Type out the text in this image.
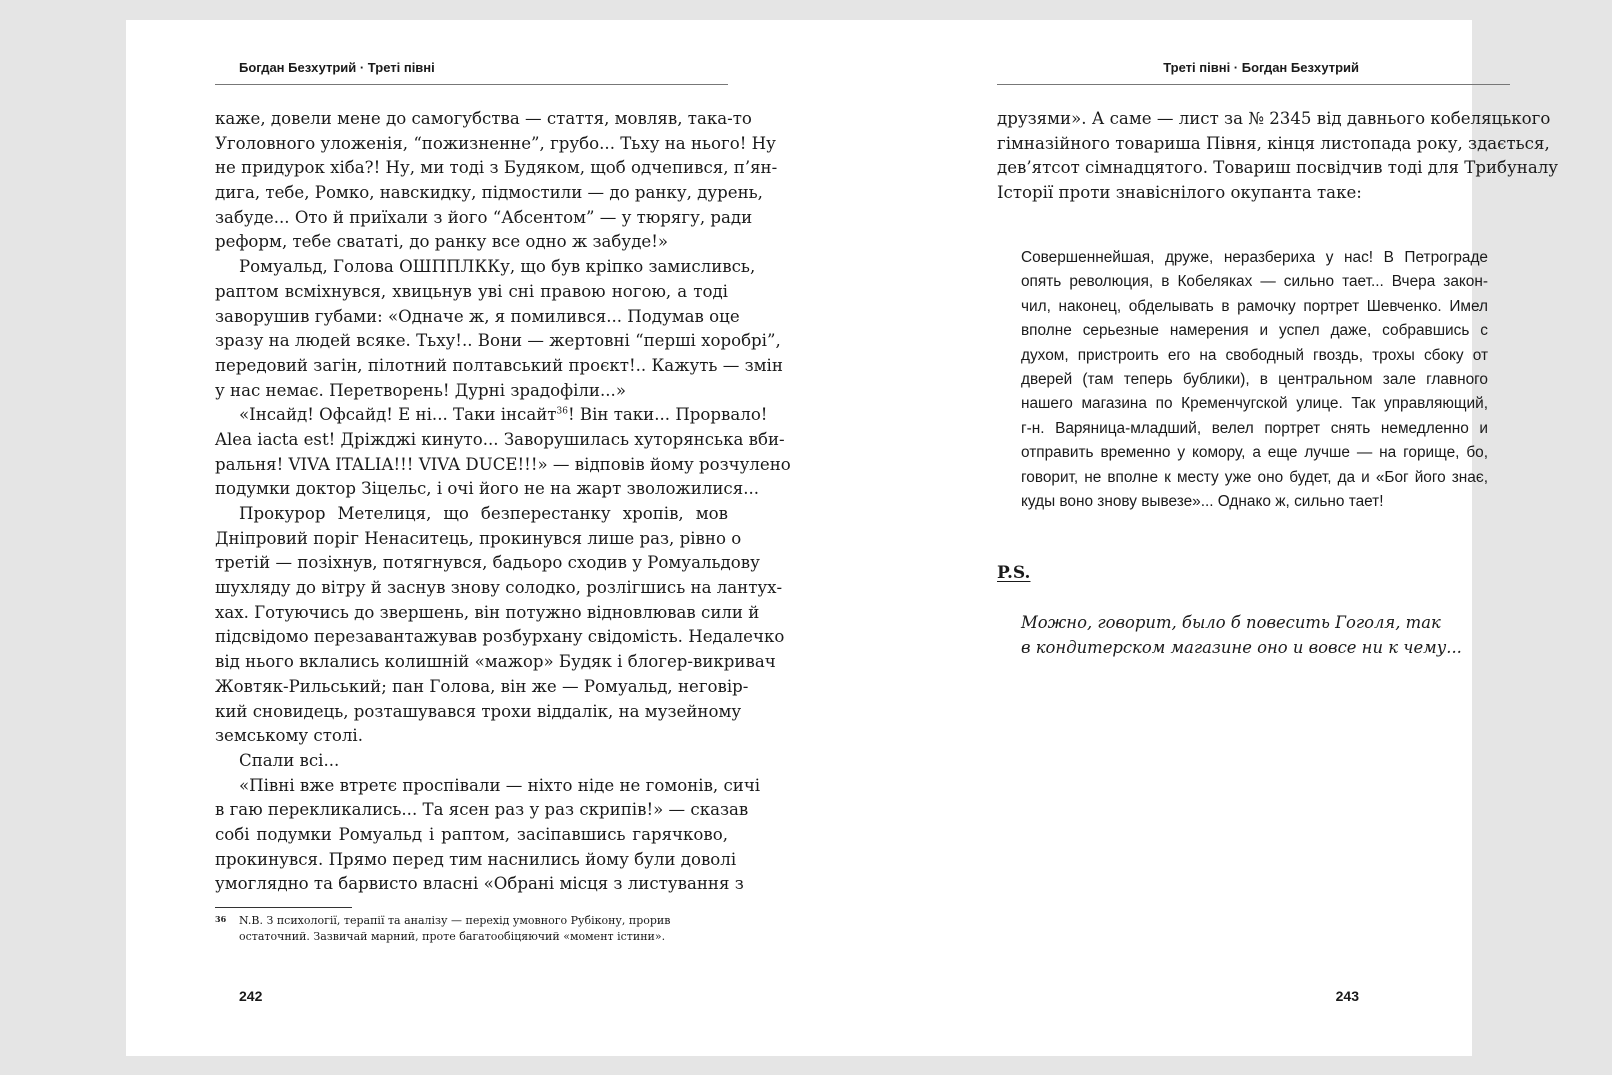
Богдан Безхутрий · Треті півні
каже, довели мене до самогубства — стаття, мовляв, така-то
Уголовного уложенія, “пожизненне”, грубо... Тьху на нього! Ну
не придурок хіба?! Ну, ми тоді з Будяком, щоб одчепився, п’ян-
дига, тебе, Ромко, навскидку, підмостили — до ранку, дурень,
забуде... Ото й приїхали з його “Абсентом” — у тюрягу, ради
реформ, тебе свататі, до ранку все одно ж забуде!»
Ромуальд, Голова ОШППЛККу, що був кріпко замисливсь,
раптом всміхнувся, хвицьнув уві сні правою ногою, а тоді
заворушив губами: «Одначе ж, я помилився... Подумав оце
зразу на людей всяке. Тьху!.. Вони — жертовні “перші хоробрі”,
передовий загін, пілотний полтавський проєкт!.. Кажуть — змін
у нас немає. Перетворень! Дурні зрадофіли...»
«Інсайд! Офсайд! Е ні... Таки інсайт$^{36}$! Він таки... Прорвало!
Alea iacta est! Дріжджі кинуто... Заворушилась хуторянська вби-
ральня! VIVA ITALIA!!! VIVA DUCE!!!» — відповів йому розчулено
подумки доктор Зіцельс, і очі його не на жарт зволожилися...
Прокурор Метелиця, що безперестанку хропів, мов
Дніпровий поріг Ненаситець, прокинувся лише раз, рівно о
третій — позіхнув, потягнувся, бадьоро сходив у Ромуальдову
шухляду до вітру й заснув знову солодко, розлігшись на лантух-
хах. Готуючись до звершень, він потужно відновлював сили й
підсвідомо перезавантажував розбурхану свідомість. Недалечко
від нього вклались колишній «мажор» Будяк і блогер-викривач
Жовтяк-Рильський; пан Голова, він же — Ромуальд, неговір-
кий сновидець, розташувався трохи віддалік, на музейному
земському столі.
Спали всі...
«Півні вже втретє проспівали — ніхто ніде не гомонів, сичі
в гаю перекликались... Та ясен раз у раз скрипів!» — сказав
собі подумки Ромуальд і раптом, засіпавшись гарячково,
прокинувся. Прямо перед тим наснились йому були доволі
умоглядно та барвисто власні «Обрані місця з листування з
36 N.B. З психології, терапії та аналізу — перехід умовного Рубікону, прорив
остаточний. Зазвичай марний, проте багатообіцяючий «момент істини».
242
Треті півні · Богдан Безхутрий
друзями». А саме — лист за № 2345 від давнього кобеляцького
гімназійного товариша Півня, кінця листопада року, здається,
дев’ятсот сімнадцятого. Товариш посвідчив тоді для Трибуналу
Історії проти знавіснілого окупанта таке:
Совершеннейшая, друже, неразбериха у нас! В Петрограде
опять революция, в Кобеляках — сильно тает... Вчера закон-
чил, наконец, обделывать в рамочку портрет Шевченко. Имел
вполне серьезные намерения и успел даже, собравшись с
духом, пристроить его на свободный гвоздь, трохы сбоку от
дверей (там теперь бублики), в центральном зале главного
нашего магазина по Кременчугской улице. Так управляющий,
г-н. Варяница-младший, велел портрет снять немедленно и
отправить временно у комору, а еще лучше — на горище, бо,
говорит, не вполне к месту уже оно будет, да и «Бог його знає,
куды воно знову вывезе»... Однако ж, сильно тает!
P.S.
Можно, говорит, было б повесить Гоголя, так
в кондитерском магазине оно и вовсе ни к чему...
243
